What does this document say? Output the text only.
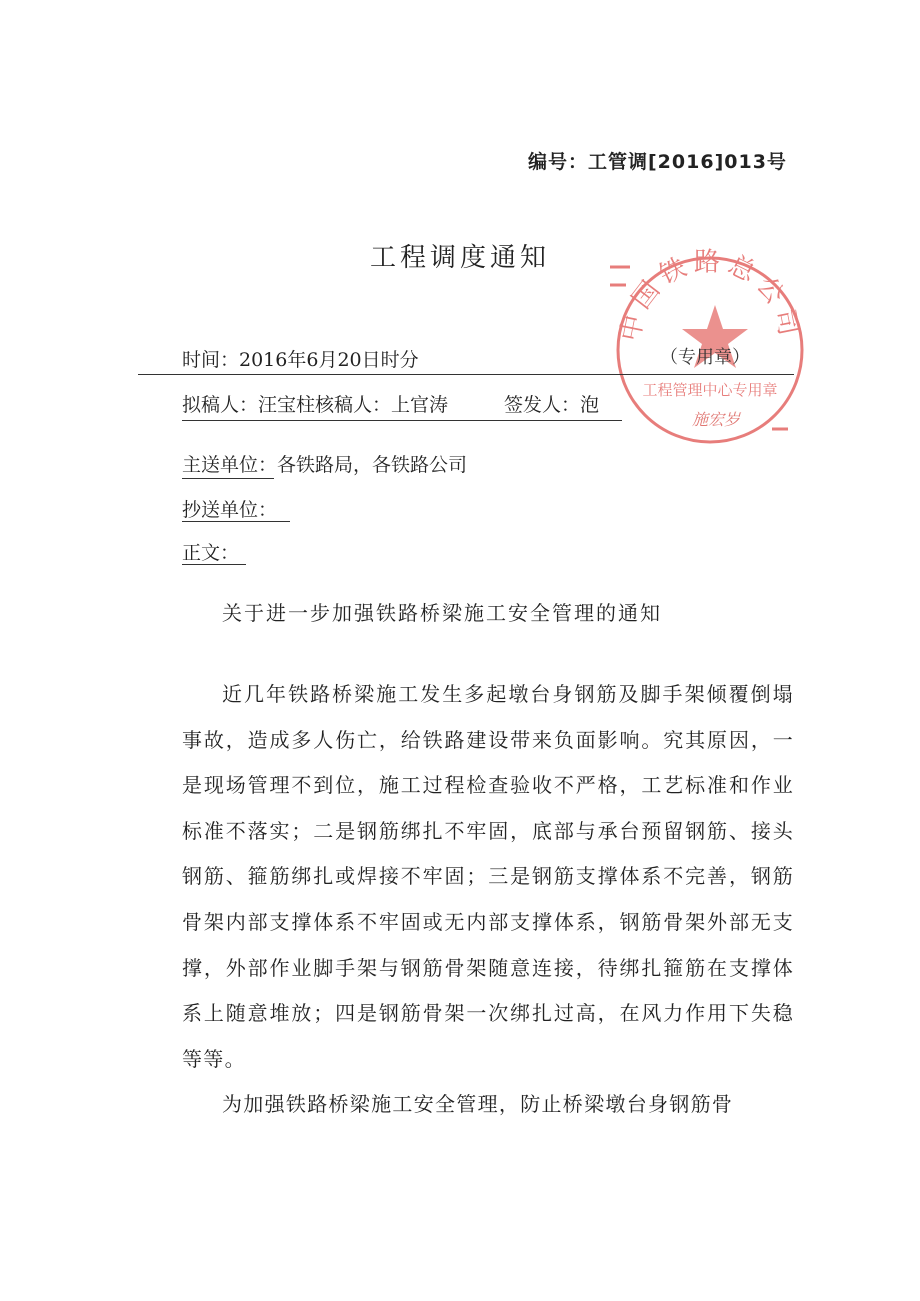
编号：工管调[2016]013号
工程调度通知
中国铁路总公司
工程管理中心专用章
施宏岁
时间：2016年6月20日时分	（专用章）
拟稿人：汪宝柱核稿人：上官涛	签发人：泡
主送单位：各铁路局，各铁路公司
抄送单位：
正文：
关于进一步加强铁路桥梁施工安全管理的通知
近几年铁路桥梁施工发生多起墩台身钢筋及脚手架倾覆倒塌事故，造成多人伤亡，给铁路建设带来负面影响。究其原因，一是现场管理不到位，施工过程检查验收不严格，工艺标准和作业标准不落实；二是钢筋绑扎不牢固，底部与承台预留钢筋、接头钢筋、箍筋绑扎或焊接不牢固；三是钢筋支撑体系不完善，钢筋骨架内部支撑体系不牢固或无内部支撑体系，钢筋骨架外部无支撑，外部作业脚手架与钢筋骨架随意连接，待绑扎箍筋在支撑体系上随意堆放；四是钢筋骨架一次绑扎过高，在风力作用下失稳等等。
为加强铁路桥梁施工安全管理，防止桥梁墩台身钢筋骨
